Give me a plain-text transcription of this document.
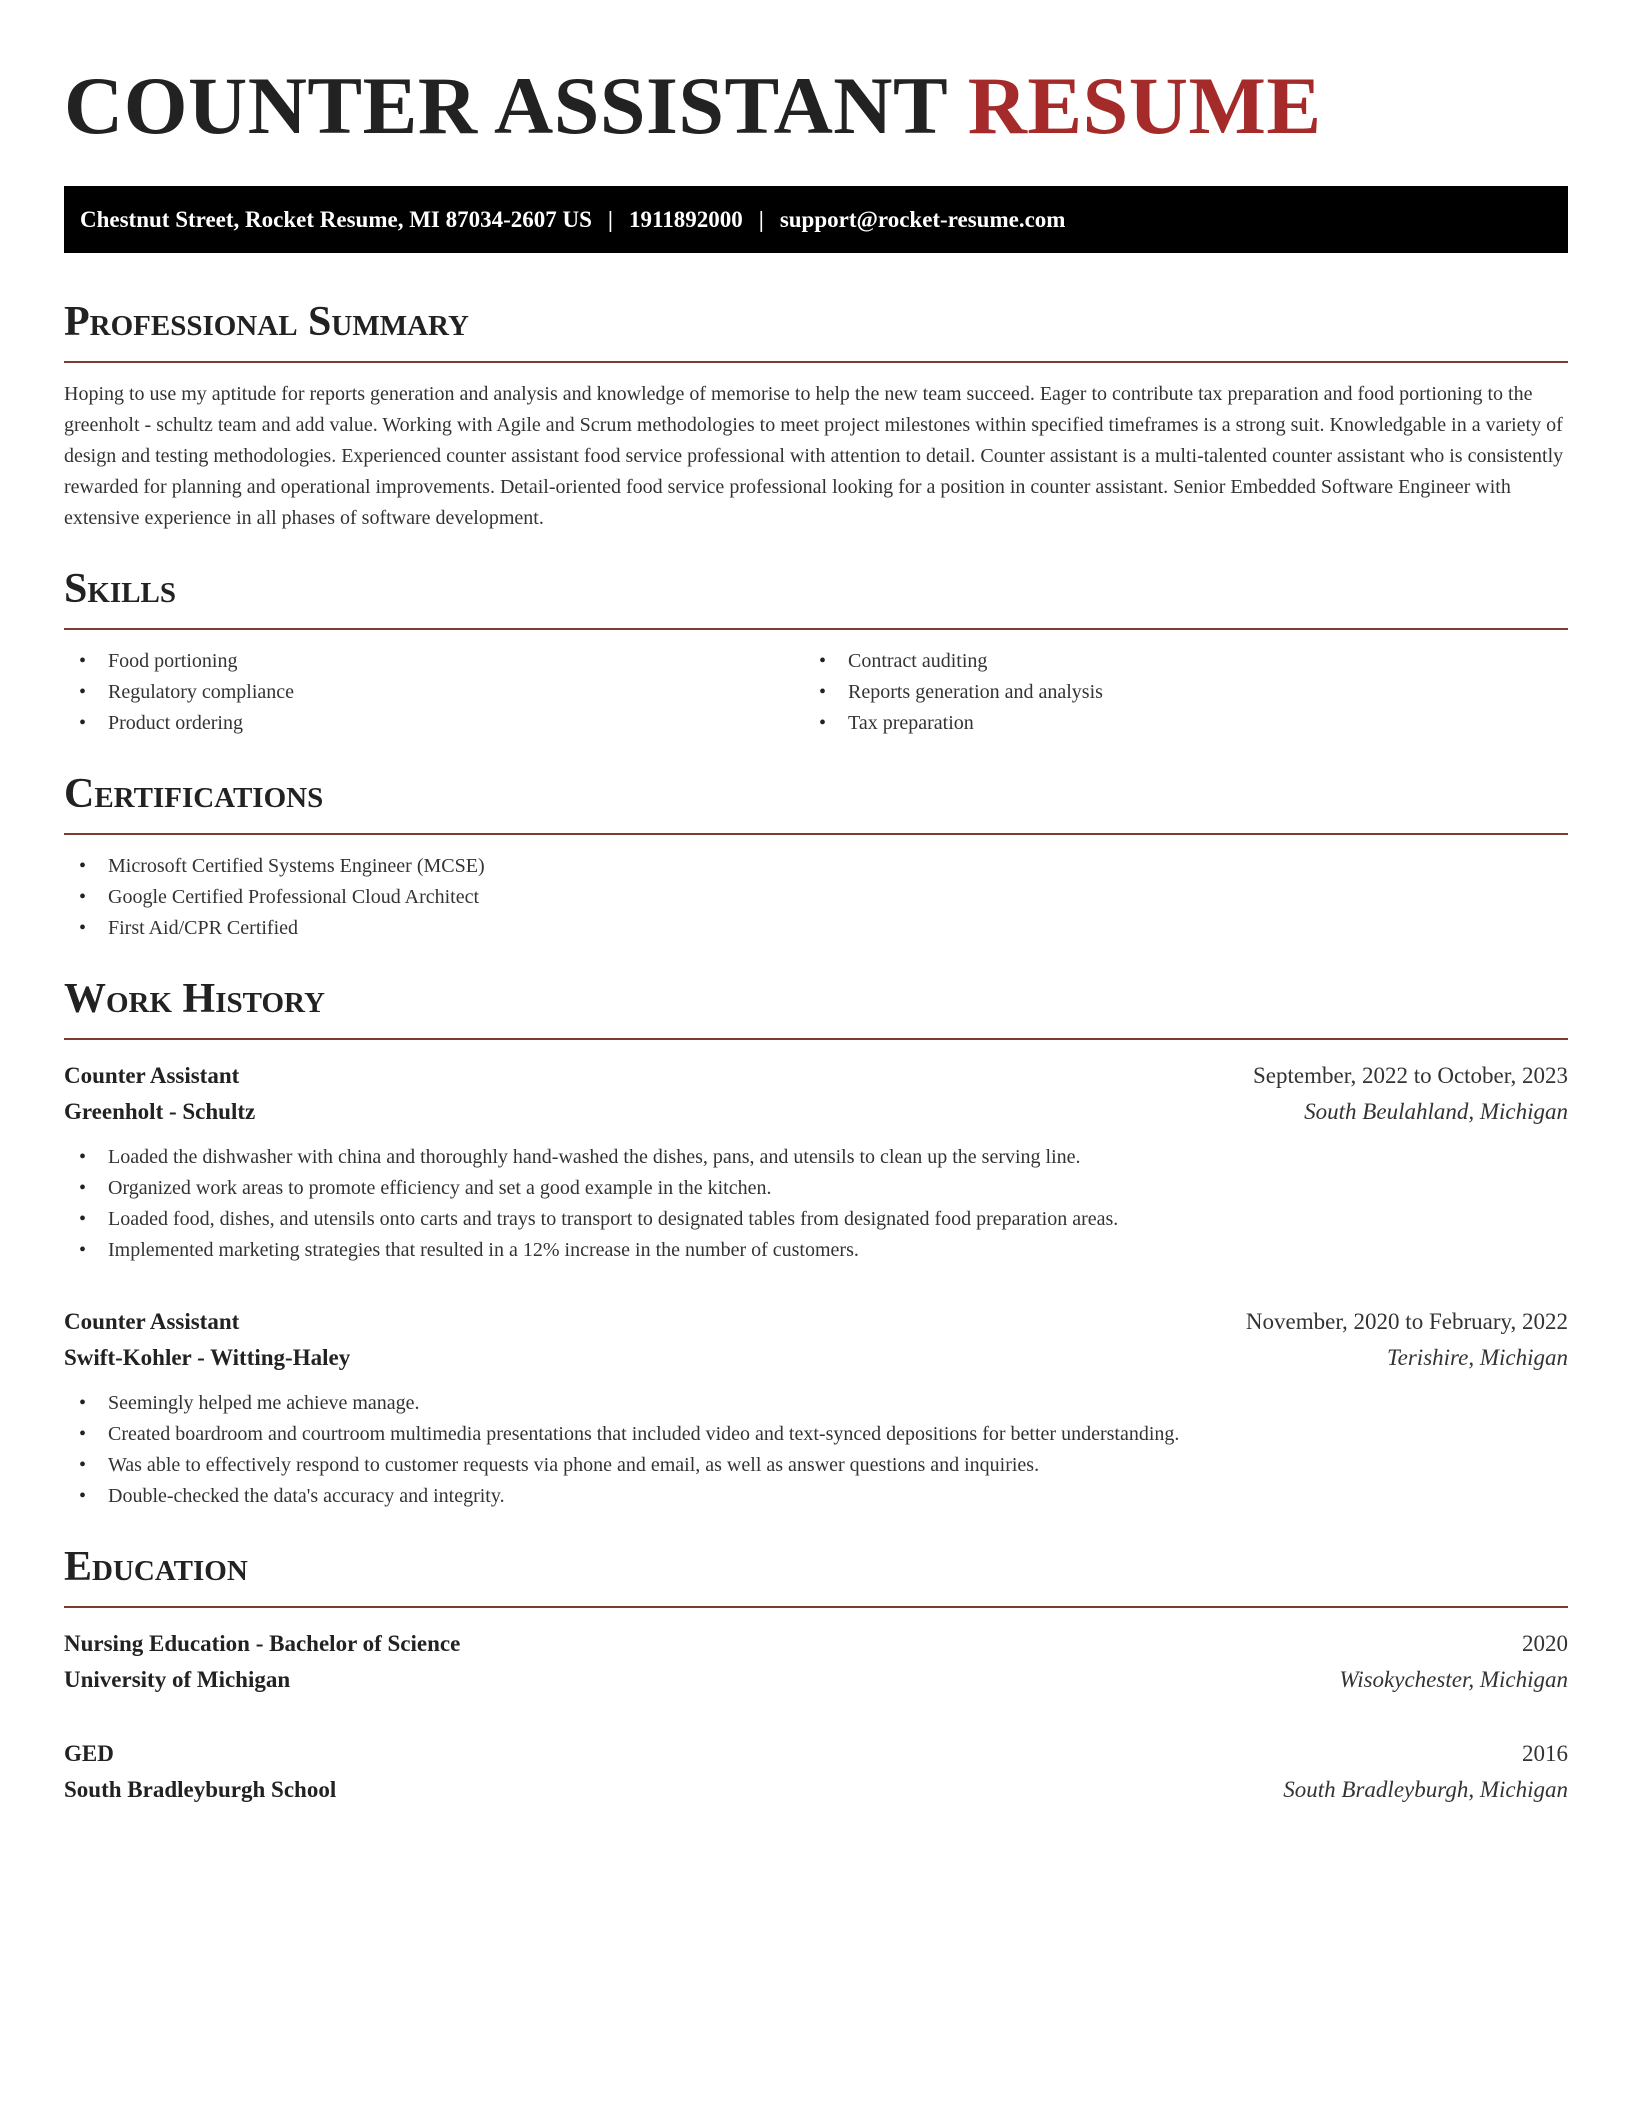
COUNTER ASSISTANT RESUME
Chestnut Street, Rocket Resume, MI 87034-2607 US | 1911892000 | support@rocket-resume.com
Professional Summary

Hoping to use my aptitude for reports generation and analysis and knowledge of memorise to help the new team succeed. Eager to contribute tax preparation and food portioning to the greenholt - schultz team and add value. Working with Agile and Scrum methodologies to meet project milestones within specified timeframes is a strong suit. Knowledgable in a variety of design and testing methodologies. Experienced counter assistant food service professional with attention to detail. Counter assistant is a multi-talented counter assistant who is consistently rewarded for planning and operational improvements. Detail-oriented food service professional looking for a position in counter assistant. Senior Embedded Software Engineer with extensive experience in all phases of software development.

Skills
• Food portioning
• Regulatory compliance
• Product ordering
• Contract auditing
• Reports generation and analysis
• Tax preparation
Certifications
• Microsoft Certified Systems Engineer (MCSE)
• Google Certified Professional Cloud Architect
• First Aid/CPR Certified
Work History
Counter Assistant	September, 2022 to October, 2023
Greenholt - Schultz	South Beulahland, Michigan
• Loaded the dishwasher with china and thoroughly hand-washed the dishes, pans, and utensils to clean up the serving line.
• Organized work areas to promote efficiency and set a good example in the kitchen.
• Loaded food, dishes, and utensils onto carts and trays to transport to designated tables from designated food preparation areas.
• Implemented marketing strategies that resulted in a 12% increase in the number of customers.
Counter Assistant	November, 2020 to February, 2022
Swift-Kohler - Witting-Haley	Terishire, Michigan
• Seemingly helped me achieve manage.
• Created boardroom and courtroom multimedia presentations that included video and text-synced depositions for better understanding.
• Was able to effectively respond to customer requests via phone and email, as well as answer questions and inquiries.
• Double-checked the data's accuracy and integrity.
Education
Nursing Education - Bachelor of Science	2020
University of Michigan	Wisokychester, Michigan
GED	2016
South Bradleyburgh School	South Bradleyburgh, Michigan
